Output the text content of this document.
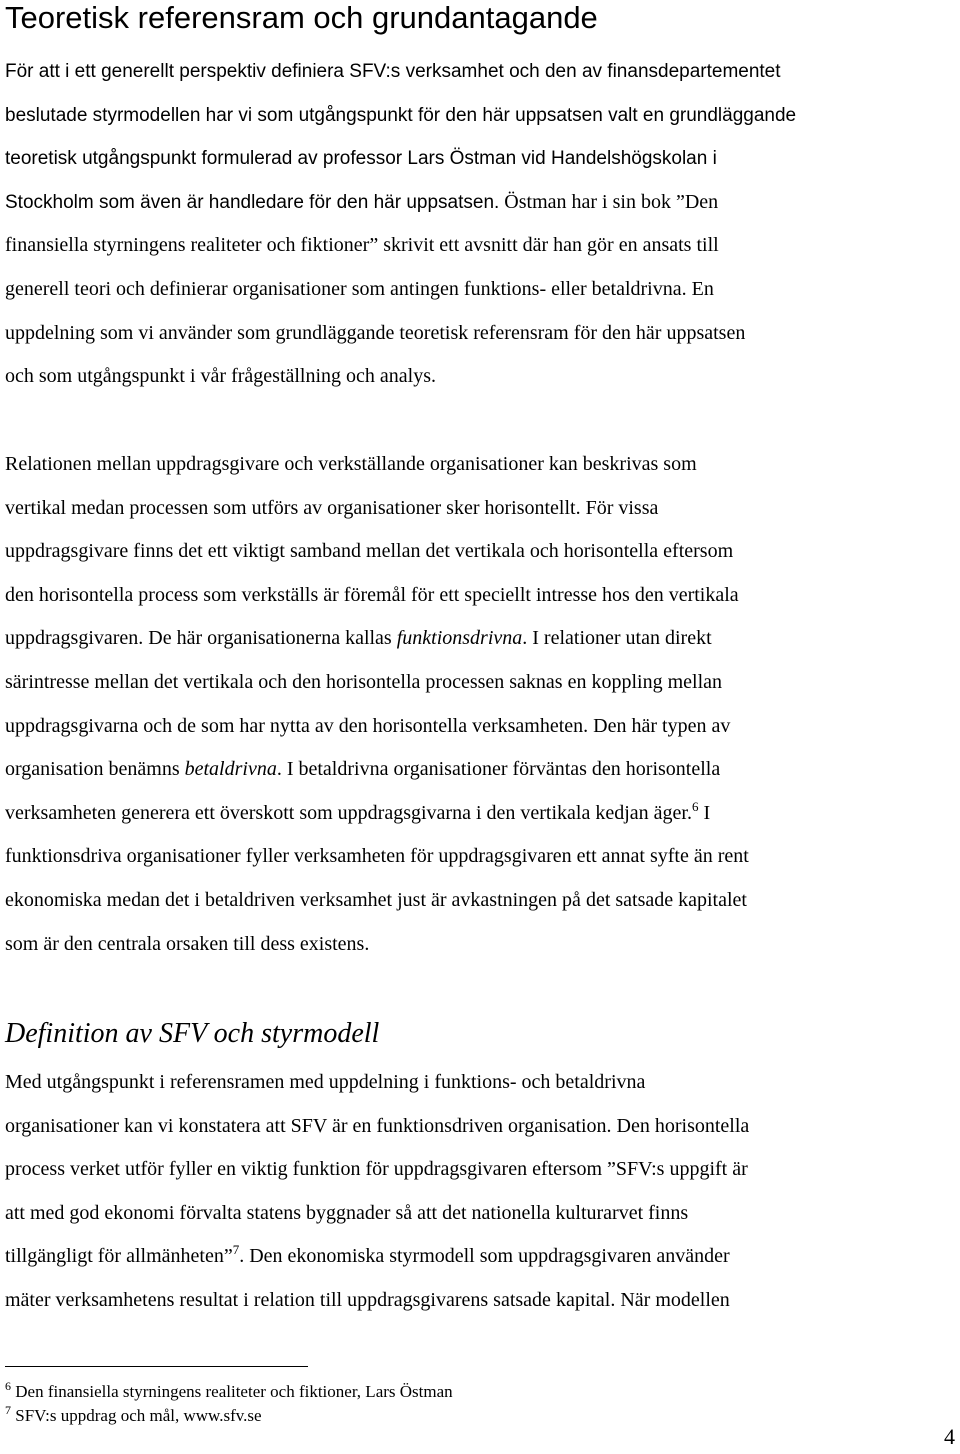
Teoretisk referensram och grundantagande
För att i ett generellt perspektiv definiera SFV:s verksamhet och den av finansdepartementet
beslutade styrmodellen har vi som utgångspunkt för den här uppsatsen valt en grundläggande
teoretisk utgångspunkt formulerad av professor Lars Östman vid Handelshögskolan i
Stockholm som även är handledare för den här uppsatsen. Östman har i sin bok ”Den
finansiella styrningens realiteter och fiktioner” skrivit ett avsnitt där han gör en ansats till
generell teori och definierar organisationer som antingen funktions- eller betaldrivna. En
uppdelning som vi använder som grundläggande teoretisk referensram för den här uppsatsen
och som utgångspunkt i vår frågeställning och analys.
Relationen mellan uppdragsgivare och verkställande organisationer kan beskrivas som
vertikal medan processen som utförs av organisationer sker horisontellt. För vissa
uppdragsgivare finns det ett viktigt samband mellan det vertikala och horisontella eftersom
den horisontella process som verkställs är föremål för ett speciellt intresse hos den vertikala
uppdragsgivaren. De här organisationerna kallas funktionsdrivna. I relationer utan direkt
särintresse mellan det vertikala och den horisontella processen saknas en koppling mellan
uppdragsgivarna och de som har nytta av den horisontella verksamheten. Den här typen av
organisation benämns betaldrivna. I betaldrivna organisationer förväntas den horisontella
verksamheten generera ett överskott som uppdragsgivarna i den vertikala kedjan äger.$^6$ I
funktionsdriva organisationer fyller verksamheten för uppdragsgivaren ett annat syfte än rent
ekonomiska medan det i betaldriven verksamhet just är avkastningen på det satsade kapitalet
som är den centrala orsaken till dess existens.
Definition av SFV och styrmodell
Med utgångspunkt i referensramen med uppdelning i funktions- och betaldrivna
organisationer kan vi konstatera att SFV är en funktionsdriven organisation. Den horisontella
process verket utför fyller en viktig funktion för uppdragsgivaren eftersom ”SFV:s uppgift är
att med god ekonomi förvalta statens byggnader så att det nationella kulturarvet finns
tillgängligt för allmänheten”$^7$. Den ekonomiska styrmodell som uppdragsgivaren använder
mäter verksamhetens resultat i relation till uppdragsgivarens satsade kapital. När modellen
$^6$ Den finansiella styrningens realiteter och fiktioner, Lars Östman
$^7$ SFV:s uppdrag och mål, www.sfv.se
4
